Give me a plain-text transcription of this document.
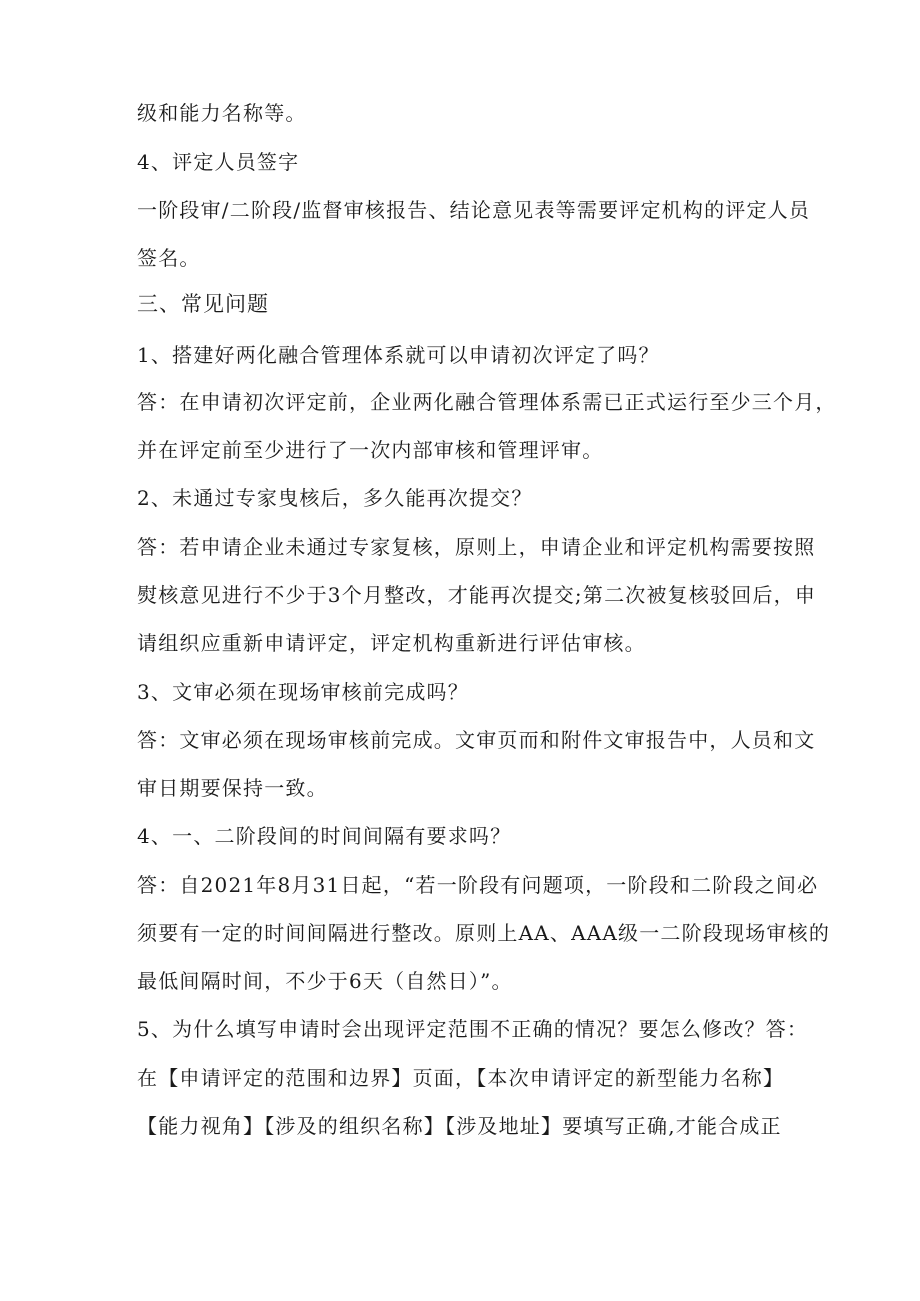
级和能力名称等。
4、评定人员签字
一阶段审/二阶段/监督审核报告、结论意见表等需要评定机构的评定人员
签名。
三、常见问题
1、搭建好两化融合管理体系就可以申请初次评定了吗？
答：在申请初次评定前，企业两化融合管理体系需已正式运行至少三个月，
并在评定前至少进行了一次内部审核和管理评审。
2、未通过专家曳核后，多久能再次提交？
答：若申请企业未通过专家复核，原则上，申请企业和评定机构需要按照
熨核意见进行不少于3个月整改，才能再次提交;第二次被复核驳回后，申
请组织应重新申请评定，评定机构重新进行评估审核。
3、文审必须在现场审核前完成吗？
答：文审必须在现场审核前完成。文审页而和附件文审报告中，人员和文
审日期要保持一致。
4、一、二阶段间的时间间隔有要求吗？
答：自2021年8月31日起，“若一阶段有问题项，一阶段和二阶段之间必
须要有一定的时间间隔进行整改。原则上AA、AAA级一二阶段现场审核的
最低间隔时间，不少于6天（自然日）”。
5、为什么填写申请时会出现评定范围不正确的情况？要怎么修改？答：
在【申请评定的范围和边界】页面，【本次申请评定的新型能力名称】
【能力视角】【涉及的组织名称】【涉及地址】要填写正确,才能合成正
